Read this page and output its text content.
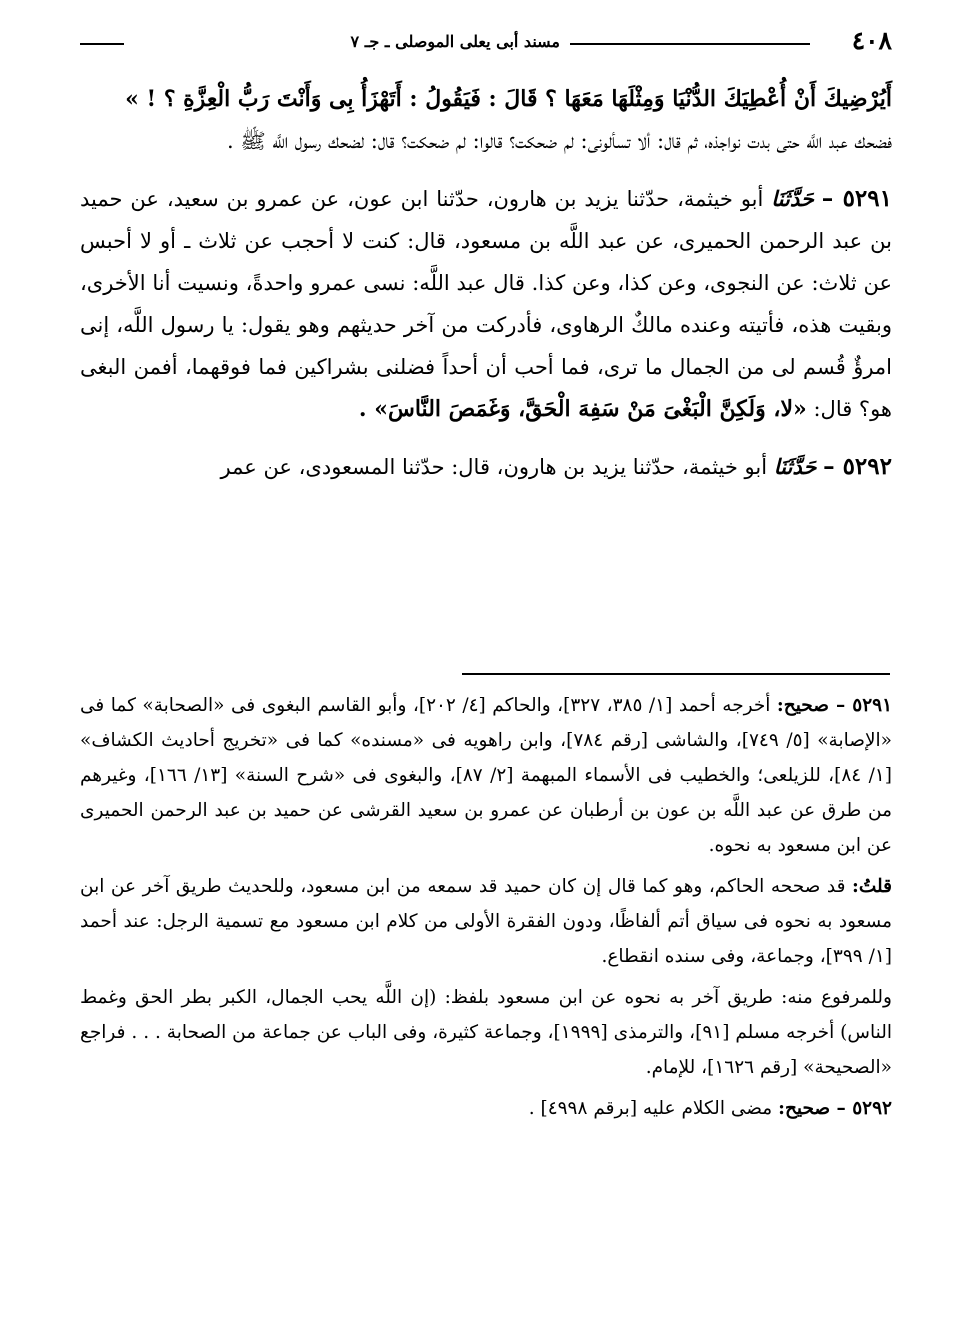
٤٠٨
مسند أبى يعلى الموصلى ـ جـ ٧

أَيُرْضِيكَ أَنْ أُعْطِيَكَ الدُّنْيَا وَمِثْلَهَا مَعَهَا ؟ قَالَ : فَيَقُولُ : أَتَهْزَأُ بِى وَأَنْتَ رَبُّ الْعِزَّةِ ؟ ! »

فضحك عبد اللَّه حتى بدت نواجذه، ثم قال: ألا تسألونى: لم ضحكت؟ قالوا: لم ضحكت؟ قال: لضحك رسول اللَّه ﷺ .

٥٢٩١ – حَدَّثَنَا أبو خيثمة، حدّثنا يزيد بن هارون، حدّثنا ابن عون، عن عمرو بن سعيد، عن حميد بن عبد الرحمن الحميرى، عن عبد اللَّه بن مسعود، قال: كنت لا أحجب عن ثلاث ـ أو لا أحبس عن ثلاث: عن النجوى، وعن كذا، وعن كذا. قال عبد اللَّه: نسى عمرو واحدةً، ونسيت أنا الأخرى، وبقيت هذه، فأتيته وعنده مالكٌ الرهاوى، فأدركت من آخر حديثهم وهو يقول: يا رسول اللَّه، إنى امرؤٌ قُسم لى من الجمال ما ترى، فما أحب أن أحداً فضلنى بشراكين فما فوقهما، أفمن البغى هو؟ قال: «لا، وَلَكِنَّ الْبَغْىَ مَنْ سَفِهَ الْحَقَّ، وَغَمَصَ النَّاسَ» .

٥٢٩٢ – حَدَّثَنَا أبو خيثمة، حدّثنا يزيد بن هارون، قال: حدّثنا المسعودى، عن عمر

٥٢٩١ – صحيح: أخرجه أحمد [١/ ٣٨٥، ٣٢٧]، والحاكم [٤/ ٢٠٢]، وأبو القاسم البغوى فى «الصحابة» كما فى «الإصابة» [٥/ ٧٤٩]، والشاشى [رقم ٧٨٤]، وابن راهويه فى «مسنده» كما فى «تخريج أحاديث الكشاف» [١/ ٨٤]، للزيلعى؛ والخطيب فى الأسماء المبهمة [٢/ ٨٧]، والبغوى فى «شرح السنة» [١٣/ ١٦٦]، وغيرهم من طرق عن عبد اللَّه بن عون بن أرطبان عن عمرو بن سعيد القرشى عن حميد بن عبد الرحمن الحميرى عن ابن مسعود به نحوه.

قلتُ: قد صححه الحاكم، وهو كما قال إن كان حميد قد سمعه من ابن مسعود، وللحديث طريق آخر عن ابن مسعود به نحوه فى سياق أتم ألفاظًا، ودون الفقرة الأولى من كلام ابن مسعود مع تسمية الرجل: عند أحمد [١/ ٣٩٩]، وجماعة، وفى سنده انقطاع.

وللمرفوع منه: طريق آخر به نحوه عن ابن مسعود بلفظ: (إن اللَّه يحب الجمال، الكبر بطر الحق وغمط الناس) أخرجه مسلم [٩١]، والترمذى [١٩٩٩]، وجماعة كثيرة، وفى الباب عن جماعة من الصحابة . . . فراجع «الصحيحة» [رقم ١٦٢٦]، للإمام.

٥٢٩٢ – صحيح: مضى الكلام عليه [برقم ٤٩٩٨] .
